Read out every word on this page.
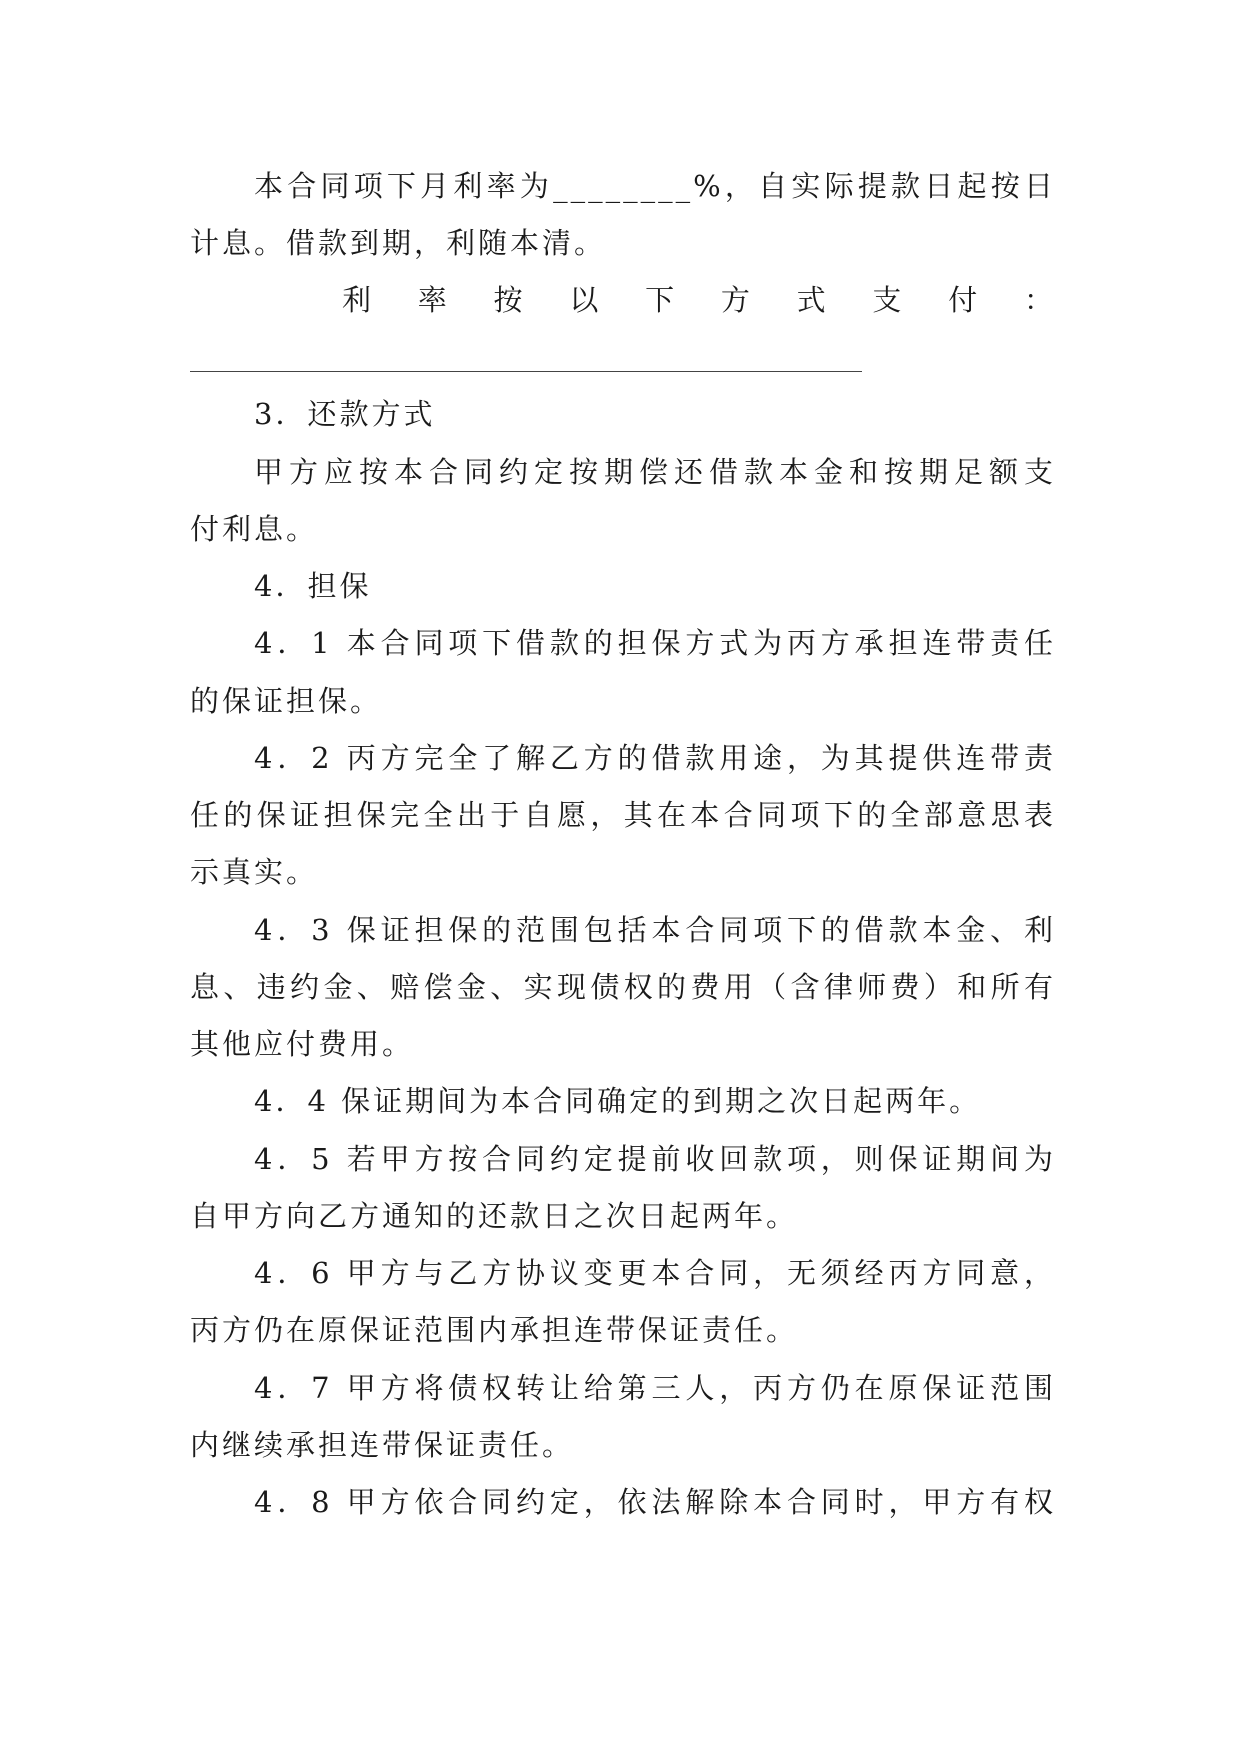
本合同项下月利率为________%，自实际提款日起按日
计息。借款到期，利随本清。
利率按以下方式支付：
3．还款方式
甲方应按本合同约定按期偿还借款本金和按期足额支
付利息。
4．担保
4．1 本合同项下借款的担保方式为丙方承担连带责任
的保证担保。
4．2 丙方完全了解乙方的借款用途，为其提供连带责
任的保证担保完全出于自愿，其在本合同项下的全部意思表
示真实。
4．3 保证担保的范围包括本合同项下的借款本金、利
息、违约金、赔偿金、实现债权的费用（含律师费）和所有
其他应付费用。
4．4 保证期间为本合同确定的到期之次日起两年。
4．5 若甲方按合同约定提前收回款项，则保证期间为
自甲方向乙方通知的还款日之次日起两年。
4．6 甲方与乙方协议变更本合同，无须经丙方同意，
丙方仍在原保证范围内承担连带保证责任。
4．7 甲方将债权转让给第三人，丙方仍在原保证范围
内继续承担连带保证责任。
4．8 甲方依合同约定，依法解除本合同时，甲方有权
